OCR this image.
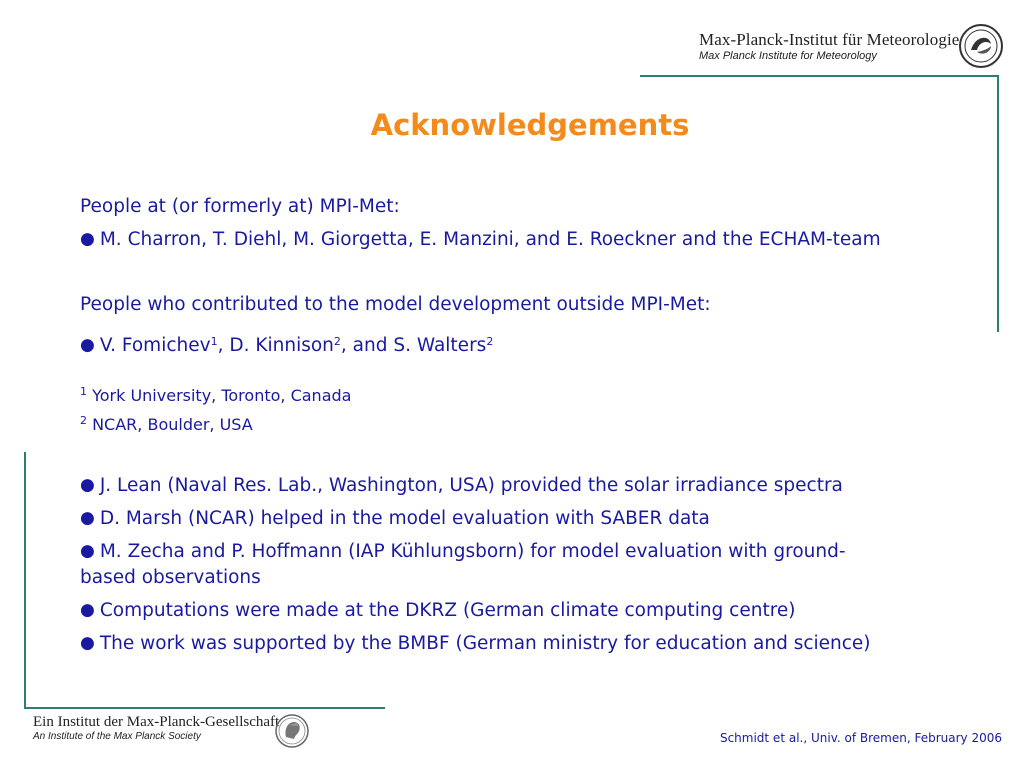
Max-Planck-Institut für Meteorologie
Max Planck Institute for Meteorology
Acknowledgements
People at (or formerly at) MPI-Met:
● M. Charron, T. Diehl, M. Giorgetta, E. Manzini, and E. Roeckner and the ECHAM-team
People who contributed to the model development outside MPI-Met:
● V. Fomichev$^1$, D. Kinnison$^2$, and S. Walters$^2$
$^1$ York University, Toronto, Canada
$^2$ NCAR, Boulder, USA
● J. Lean (Naval Res. Lab., Washington, USA) provided the solar irradiance spectra
● D. Marsh (NCAR) helped in the model evaluation with SABER data
● M. Zecha and P. Hoffmann (IAP Kühlungsborn) for model evaluation with ground-
based observations
● Computations were made at the DKRZ (German climate computing centre)
● The work was supported by the BMBF (German ministry for education and science)
Ein Institut der Max-Planck-Gesellschaft
An Institute of the Max Planck Society	Schmidt et al., Univ. of Bremen, February 2006
